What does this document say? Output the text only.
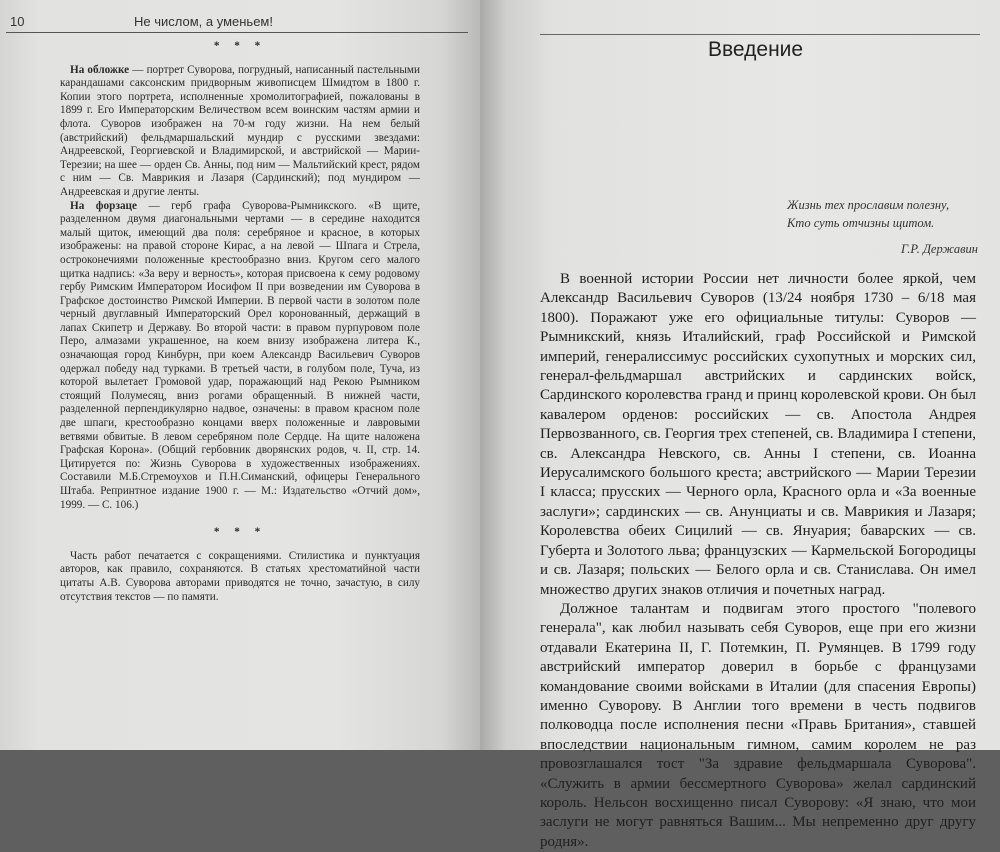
10	Не числом, а уменьем!
* * *

На обложке — портрет Суворова, погрудный, написанный пастельными карандашами саксонским придворным живописцем Шмидтом в 1800 г. Копии этого портрета, исполненные хромолитографией, пожалованы в 1899 г. Его Императорским Величеством всем воинским частям армии и флота. Суворов изображен на 70-м году жизни. На нем белый (австрийский) фельдмаршальский мундир с русскими звездами: Андреевской, Георгиевской и Владимирской, и австрийской — Марии-Терезии; на шее — орден Св. Анны, под ним — Мальтийский крест, рядом с ним — Св. Маврикия и Лазаря (Сардинский); под мундиром — Андреевская и другие ленты.

На форзаце — герб графа Суворова-Рымникского. «В щите, разделенном двумя диагональными чертами — в середине находится малый щиток, имеющий два поля: серебряное и красное, в которых изображены: на правой стороне Кирас, а на левой — Шпага и Стрела, остроконечиями положенные крестообразно вниз. Кругом сего малого щитка надпись: «За веру и верность», которая присвоена к сему родовому гербу Римским Императором Иосифом II при возведении им Суворова в Графское достоинство Римской Империи. В первой части в золотом поле черный двуглавный Императорский Орел коронованный, держащий в лапах Скипетр и Державу. Во второй части: в правом пурпуровом поле Перо, алмазами украшенное, на коем внизу изображена литера К., означающая город Кинбурн, при коем Александр Васильевич Суворов одержал победу над турками. В третьей части, в голубом поле, Туча, из которой вылетает Громовой удар, поражающий над Рекою Рымником стоящий Полумесяц, вниз рогами обращенный. В нижней части, разделенной перпендикулярно надвое, означены: в правом красном поле две шпаги, крестообразно концами вверх положенные и лавровыми ветвями обвитые. В левом серебряном поле Сердце. На щите наложена Графская Корона». (Общий гербовник дворянских родов, ч. II, стр. 14. Цитируется по: Жизнь Суворова в художественных изображениях. Составили М.Б.Стремоухов и П.Н.Симанский, офицеры Генерального Штаба. Репринтное издание 1900 г. — М.: Издательство «Отчий дом», 1999. — С. 106.)

* * *

Часть работ печатается с сокращениями. Стилистика и пунктуация авторов, как правило, сохраняются. В статьях хрестоматийной части цитаты А.В. Суворова авторами приводятся не точно, зачастую, в силу отсутствия текстов — по памяти.

Введение
Жизнь тех прославим полезну,
Кто суть отчизны щитом.
Г.Р. Державин

В военной истории России нет личности более яркой, чем Александр Васильевич Суворов (13/24 ноября 1730 – 6/18 мая 1800). Поражают уже его официальные титулы: Суворов — Рымникский, князь Италийский, граф Российской и Римской империй, генералиссимус российских сухопутных и морских сил, генерал-фельдмаршал австрийских и сардинских войск, Сардинского королевства гранд и принц королевской крови. Он был кавалером орденов: российских — св. Апостола Андрея Первозванного, св. Георгия трех степеней, св. Владимира I степени, св. Александра Невского, св. Анны I степени, св. Иоанна Иерусалимского большого креста; австрийского — Марии Терезии I класса; прусских — Черного орла, Красного орла и «За военные заслуги»; сардинских — св. Анунциаты и св. Маврикия и Лазаря; Королевства обеих Сицилий — св. Януария; баварских — св. Губерта и Золотого льва; французских — Кармельской Богородицы и св. Лазаря; польских — Белого орла и св. Станислава. Он имел множество других знаков отличия и почетных наград.

Должное талантам и подвигам этого простого "полевого генерала", как любил называть себя Суворов, еще при его жизни отдавали Екатерина II, Г. Потемкин, П. Румянцев. В 1799 году австрийский император доверил в борьбе с французами командование своими войсками в Италии (для спасения Европы) именно Суворову. В Англии того времени в честь подвигов полководца после исполнения песни «Правь Британия», ставшей впоследствии национальным гимном, самим королем не раз провозглашался тост "За здравие фельдмаршала Суворова". «Служить в армии бессмертного Суворова» желал сардинский король. Нельсон восхищенно писал Суворову: «Я знаю, что мои заслуги не могут равняться Вашим... Мы непременно друг другу родня».
